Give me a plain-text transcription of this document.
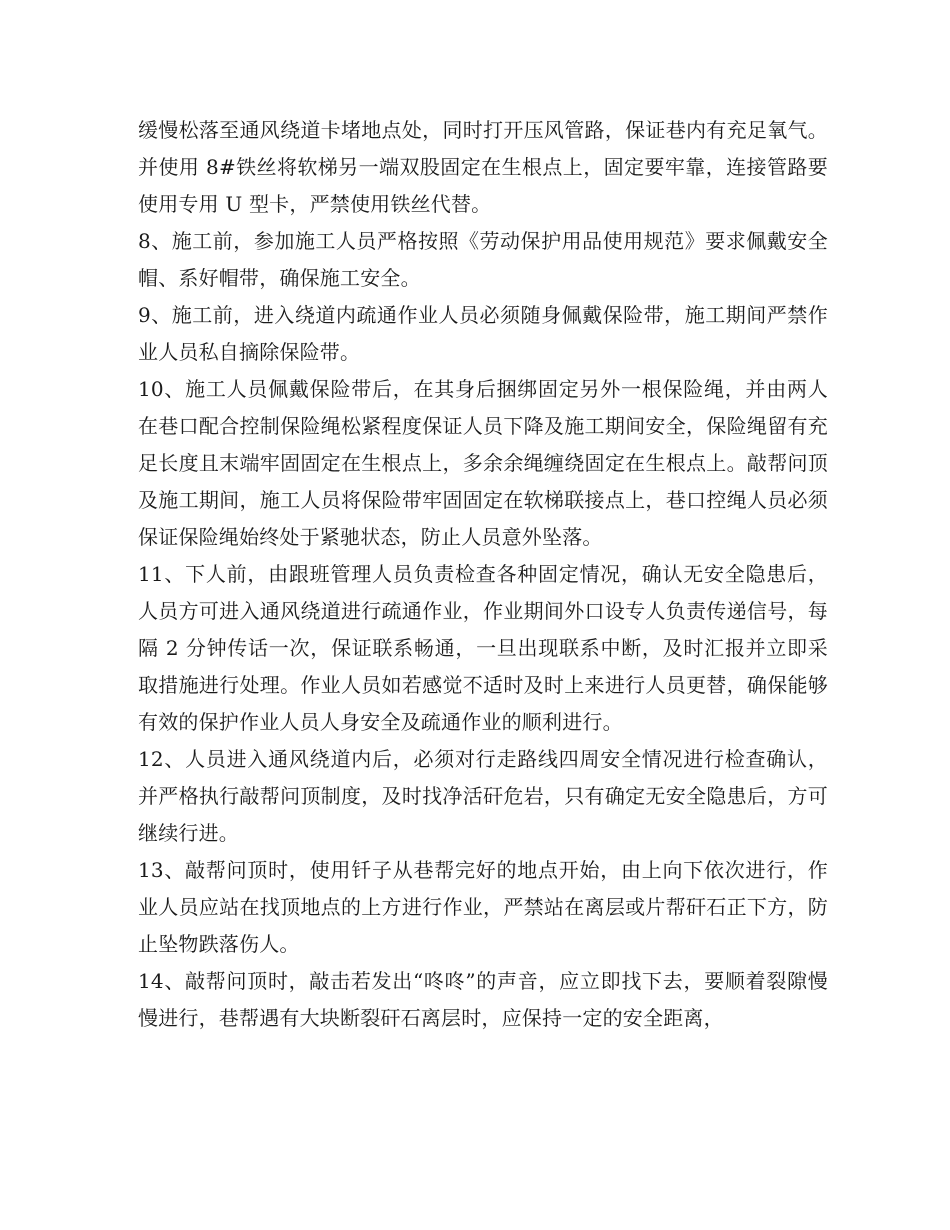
缓慢松落至通风绕道卡堵地点处，同时打开压风管路，保证巷内有充足氧气。并使用 8#铁丝将软梯另一端双股固定在生根点上，固定要牢靠，连接管路要使用专用 U 型卡，严禁使用铁丝代替。

8、施工前，参加施工人员严格按照《劳动保护用品使用规范》要求佩戴安全帽、系好帽带，确保施工安全。

9、施工前，进入绕道内疏通作业人员必须随身佩戴保险带，施工期间严禁作业人员私自摘除保险带。

10、施工人员佩戴保险带后，在其身后捆绑固定另外一根保险绳，并由两人在巷口配合控制保险绳松紧程度保证人员下降及施工期间安全，保险绳留有充足长度且末端牢固固定在生根点上，多余余绳缠绕固定在生根点上。敲帮问顶及施工期间，施工人员将保险带牢固固定在软梯联接点上，巷口控绳人员必须保证保险绳始终处于紧驰状态，防止人员意外坠落。

11、下人前，由跟班管理人员负责检查各种固定情况，确认无安全隐患后，人员方可进入通风绕道进行疏通作业，作业期间外口设专人负责传递信号，每隔 2 分钟传话一次，保证联系畅通，一旦出现联系中断，及时汇报并立即采取措施进行处理。作业人员如若感觉不适时及时上来进行人员更替，确保能够有效的保护作业人员人身安全及疏通作业的顺利进行。

12、人员进入通风绕道内后，必须对行走路线四周安全情况进行检查确认，并严格执行敲帮问顶制度，及时找净活矸危岩，只有确定无安全隐患后，方可继续行进。

13、敲帮问顶时，使用钎子从巷帮完好的地点开始，由上向下依次进行，作业人员应站在找顶地点的上方进行作业，严禁站在离层或片帮矸石正下方，防止坠物跌落伤人。

14、敲帮问顶时，敲击若发出“咚咚”的声音，应立即找下去，要顺着裂隙慢慢进行，巷帮遇有大块断裂矸石离层时，应保持一定的安全距离，
